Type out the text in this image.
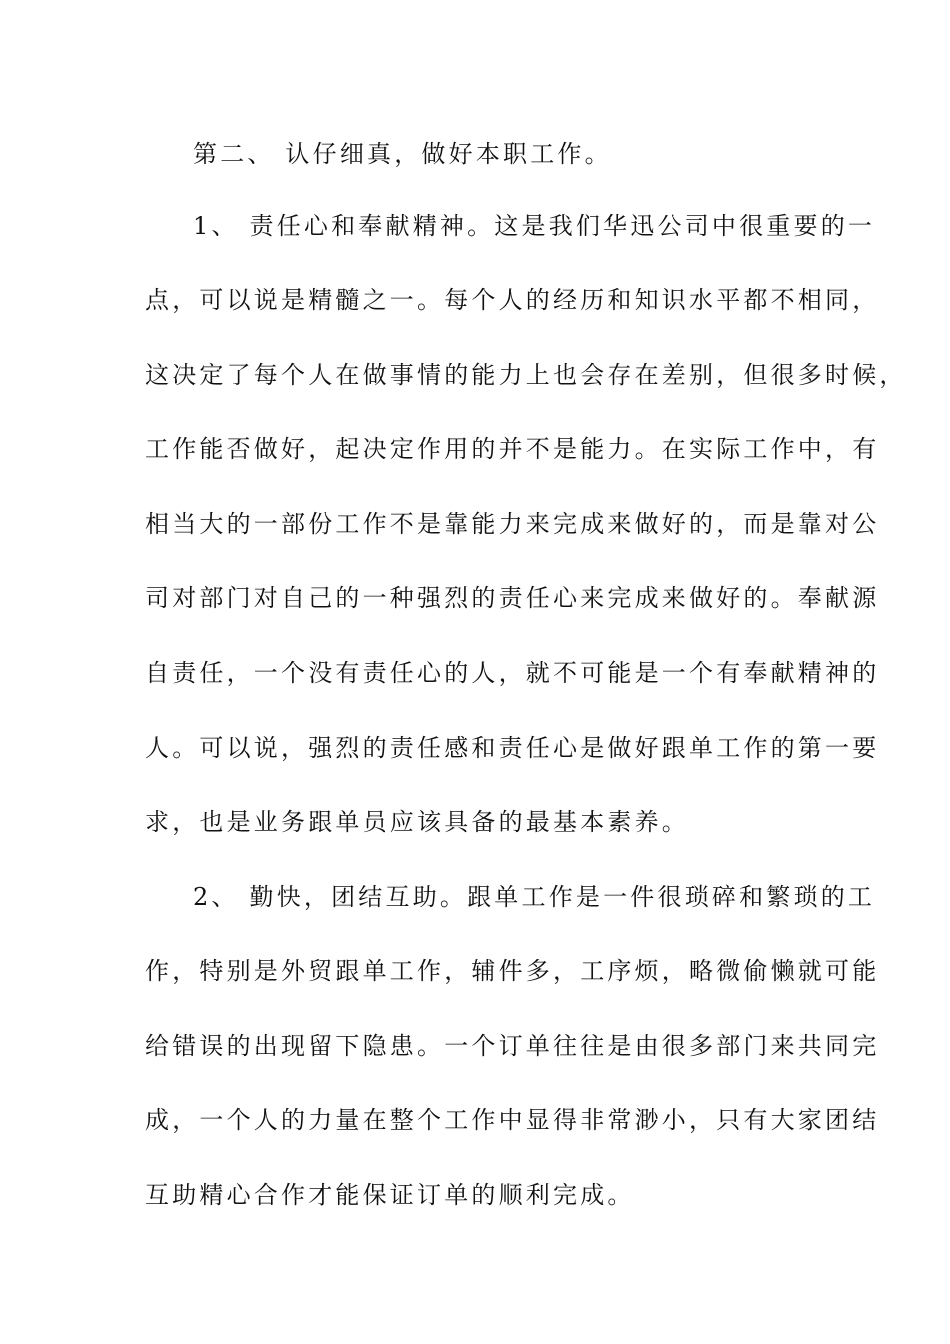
第二、 认仔细真，做好本职工作。
1、 责任心和奉献精神。这是我们华迅公司中很重要的一
点，可以说是精髓之一。每个人的经历和知识水平都不相同，
这决定了每个人在做事情的能力上也会存在差别，但很多时候，
工作能否做好，起决定作用的并不是能力。在实际工作中，有
相当大的一部份工作不是靠能力来完成来做好的，而是靠对公
司对部门对自己的一种强烈的责任心来完成来做好的。奉献源
自责任，一个没有责任心的人，就不可能是一个有奉献精神的
人。可以说，强烈的责任感和责任心是做好跟单工作的第一要
求，也是业务跟单员应该具备的最基本素养。
2、 勤快，团结互助。跟单工作是一件很琐碎和繁琐的工
作，特别是外贸跟单工作，辅件多，工序烦，略微偷懒就可能
给错误的出现留下隐患。一个订单往往是由很多部门来共同完
成，一个人的力量在整个工作中显得非常渺小，只有大家团结
互助精心合作才能保证订单的顺利完成。
